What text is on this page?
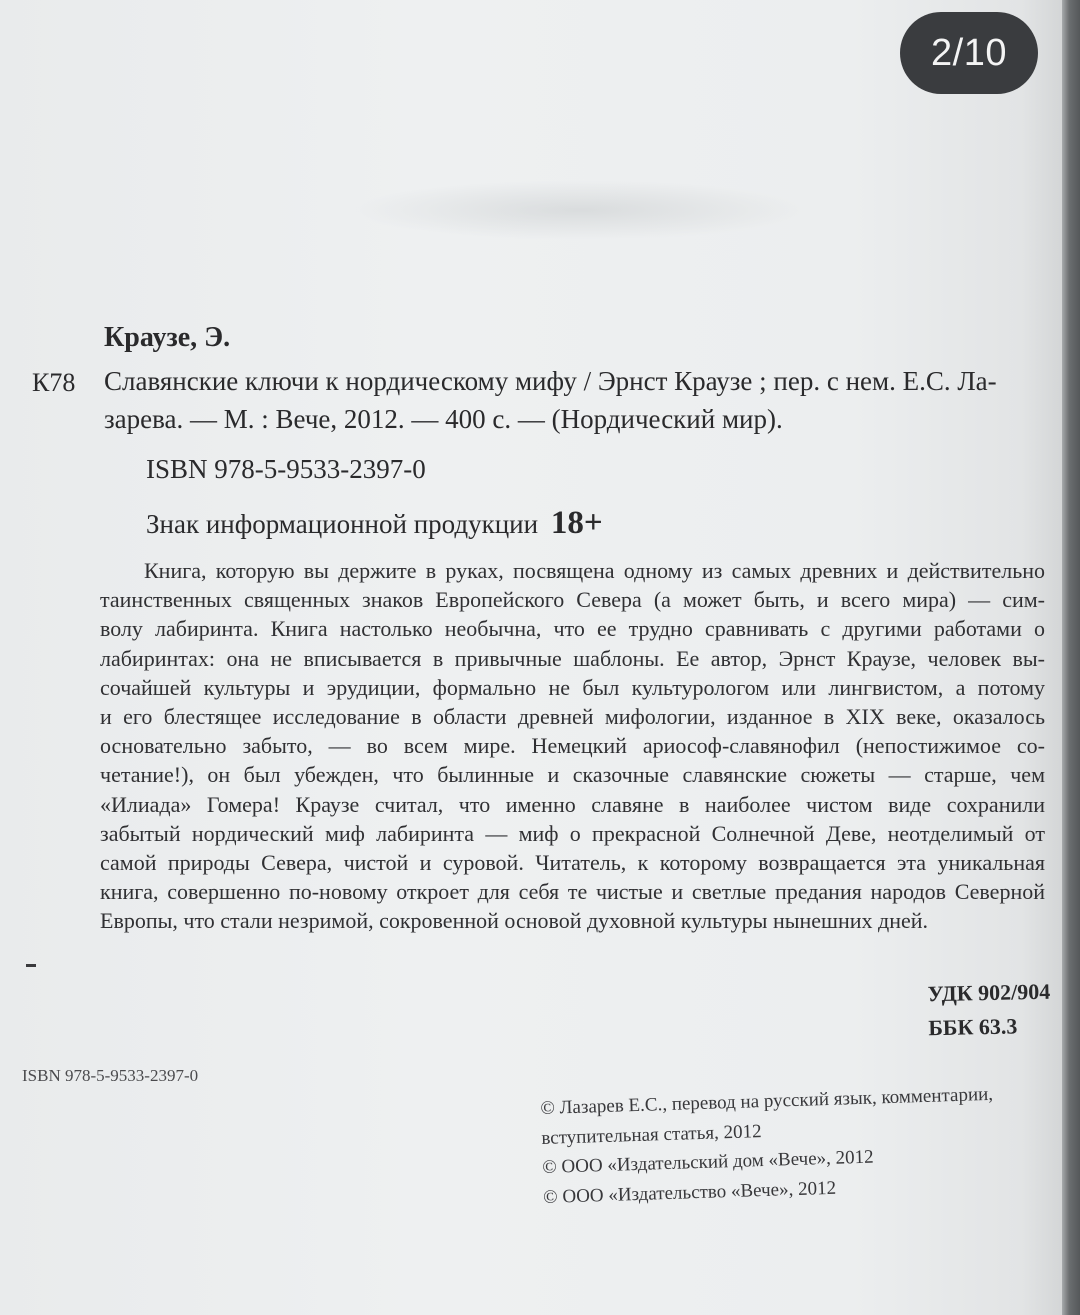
Краузе, Э.
К78 Славянские ключи к нордическому мифу / Эрнст Краузе ; пер. с нем. Е.С. Ла-
зарева. — М. : Вече, 2012. — 400 с. — (Нордический мир).
ISBN 978-5-9533-2397-0
Знак информационной продукции 18+
Книга, которую вы держите в руках, посвящена одному из самых древних и действительно
таинственных священных знаков Европейского Севера (а может быть, и всего мира) — сим-
волу лабиринта. Книга настолько необычна, что ее трудно сравнивать с другими работами о
лабиринтах: она не вписывается в привычные шаблоны. Ее автор, Эрнст Краузе, человек вы-
сочайшей культуры и эрудиции, формально не был культурологом или лингвистом, а потому
и его блестящее исследование в области древней мифологии, изданное в XIX веке, оказалось
основательно забыто, — во всем мире. Немецкий ариософ-славянофил (непостижимое со-
четание!), он был убежден, что былинные и сказочные славянские сюжеты — старше, чем
«Илиада» Гомера! Краузе считал, что именно славяне в наиболее чистом виде сохранили
забытый нордический миф лабиринта — миф о прекрасной Солнечной Деве, неотделимый от
самой природы Севера, чистой и суровой. Читатель, к которому возвращается эта уникальная
книга, совершенно по-новому откроет для себя те чистые и светлые предания народов Северной
Европы, что стали незримой, сокровенной основой духовной культуры нынешних дней.
УДК 902/904
ББК 63.3
ISBN 978-5-9533-2397-0
© Лазарев Е.С., перевод на русский язык, комментарии,
вступительная статья, 2012
© ООО «Издательский дом «Вече», 2012
© ООО «Издательство «Вече», 2012
2/10
